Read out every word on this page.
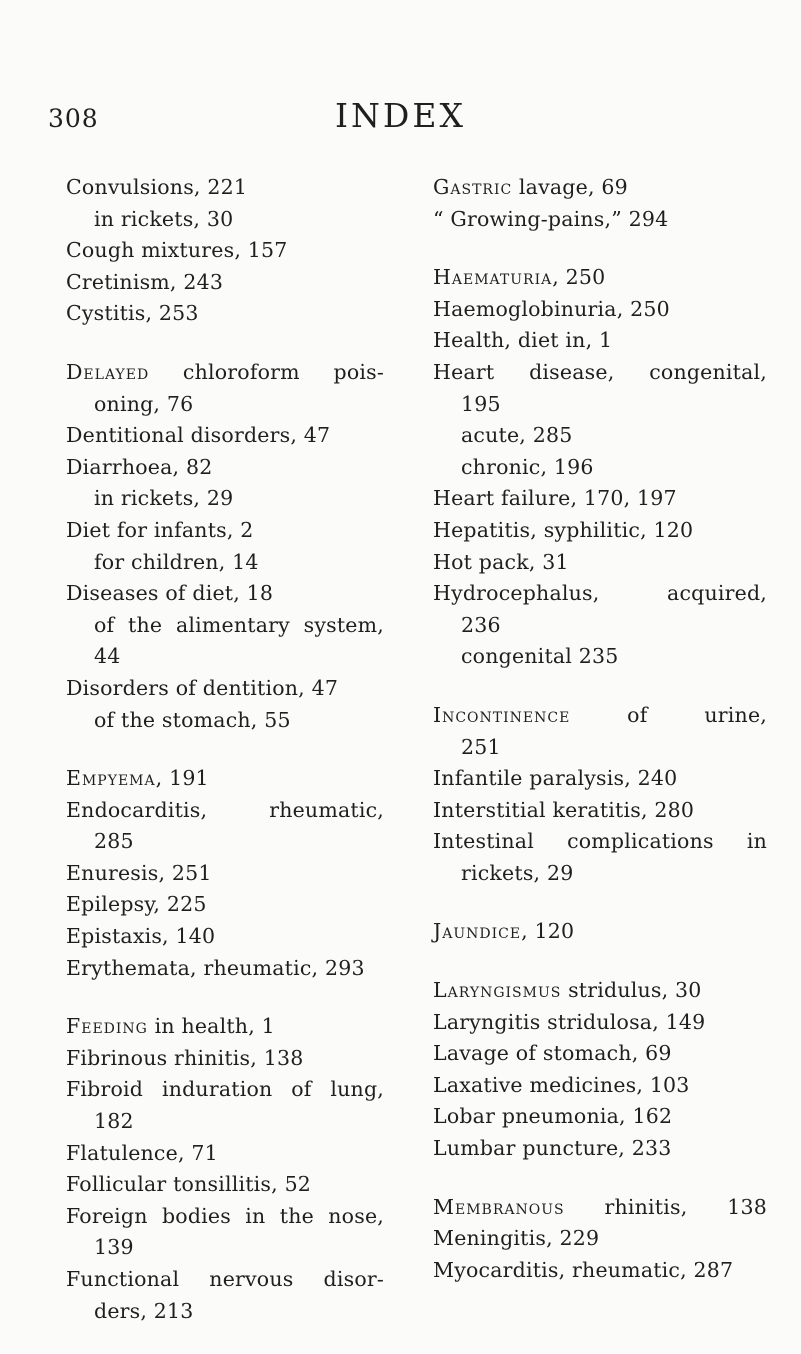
308	INDEX
Convulsions, 221
in rickets, 30
Cough mixtures, 157
Cretinism, 243
Cystitis, 253
Delayed chloroform pois-
oning, 76
Dentitional disorders, 47
Diarrhoea, 82
in rickets, 29
Diet for infants, 2
for children, 14
Diseases of diet, 18
of the alimentary system,
44
Disorders of dentition, 47
of the stomach, 55
Empyema, 191
Endocarditis, rheumatic,
285
Enuresis, 251
Epilepsy, 225
Epistaxis, 140
Erythemata, rheumatic, 293
Feeding in health, 1
Fibrinous rhinitis, 138
Fibroid induration of lung,
182
Flatulence, 71
Follicular tonsillitis, 52
Foreign bodies in the nose,
139
Functional nervous disor-
ders, 213
Gastric lavage, 69
“ Growing-pains,” 294
Haematuria, 250
Haemoglobinuria, 250
Health, diet in, 1
Heart disease, congenital,
195
acute, 285
chronic, 196
Heart failure, 170, 197
Hepatitis, syphilitic, 120
Hot pack, 31
Hydrocephalus, acquired,
236
congenital 235
Incontinence of urine,
251
Infantile paralysis, 240
Interstitial keratitis, 280
Intestinal complications in
rickets, 29
Jaundice, 120
Laryngismus stridulus, 30
Laryngitis stridulosa, 149
Lavage of stomach, 69
Laxative medicines, 103
Lobar pneumonia, 162
Lumbar puncture, 233
Membranous rhinitis, 138
Meningitis, 229
Myocarditis, rheumatic, 287
